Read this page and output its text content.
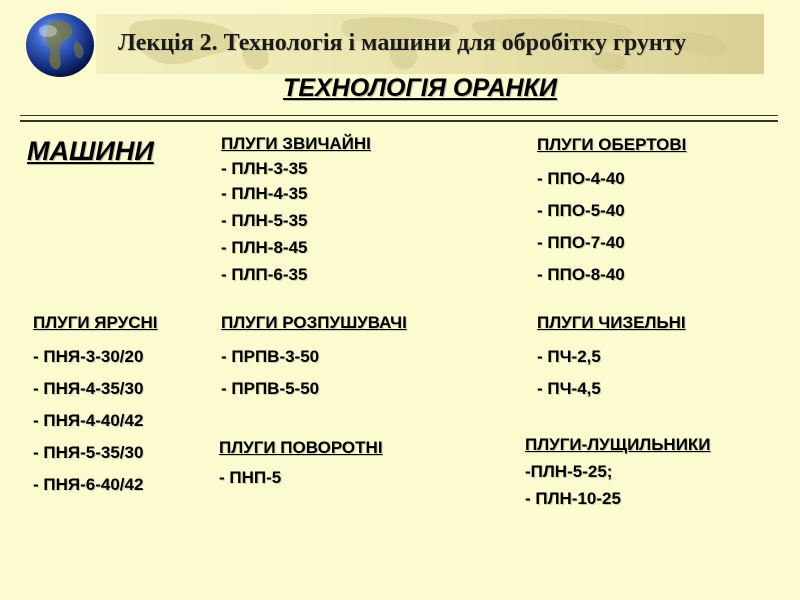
Лекція 2. Технологія і машини для обробітку грунту
ТЕХНОЛОГІЯ ОРАНКИ
МАШИНИ	ПЛУГИ ЗВИЧАЙНІ
- ПЛН-3-35
- ПЛН-4-35
- ПЛН-5-35
- ПЛН-8-45
- ПЛП-6-35
ПЛУГИ ОБЕРТОВІ
- ППО-4-40
- ППО-5-40
- ППО-7-40
- ППО-8-40
ПЛУГИ ЯРУСНІ
- ПНЯ-3-30/20
- ПНЯ-4-35/30
- ПНЯ-4-40/42
- ПНЯ-5-35/30
- ПНЯ-6-40/42
ПЛУГИ РОЗПУШУВАЧІ
- ПРПВ-3-50
- ПРПВ-5-50
ПЛУГИ ЧИЗЕЛЬНІ
- ПЧ-2,5
- ПЧ-4,5
ПЛУГИ ПОВОРОТНІ
- ПНП-5
ПЛУГИ-ЛУЩИЛЬНИКИ
-ПЛН-5-25;
- ПЛН-10-25
